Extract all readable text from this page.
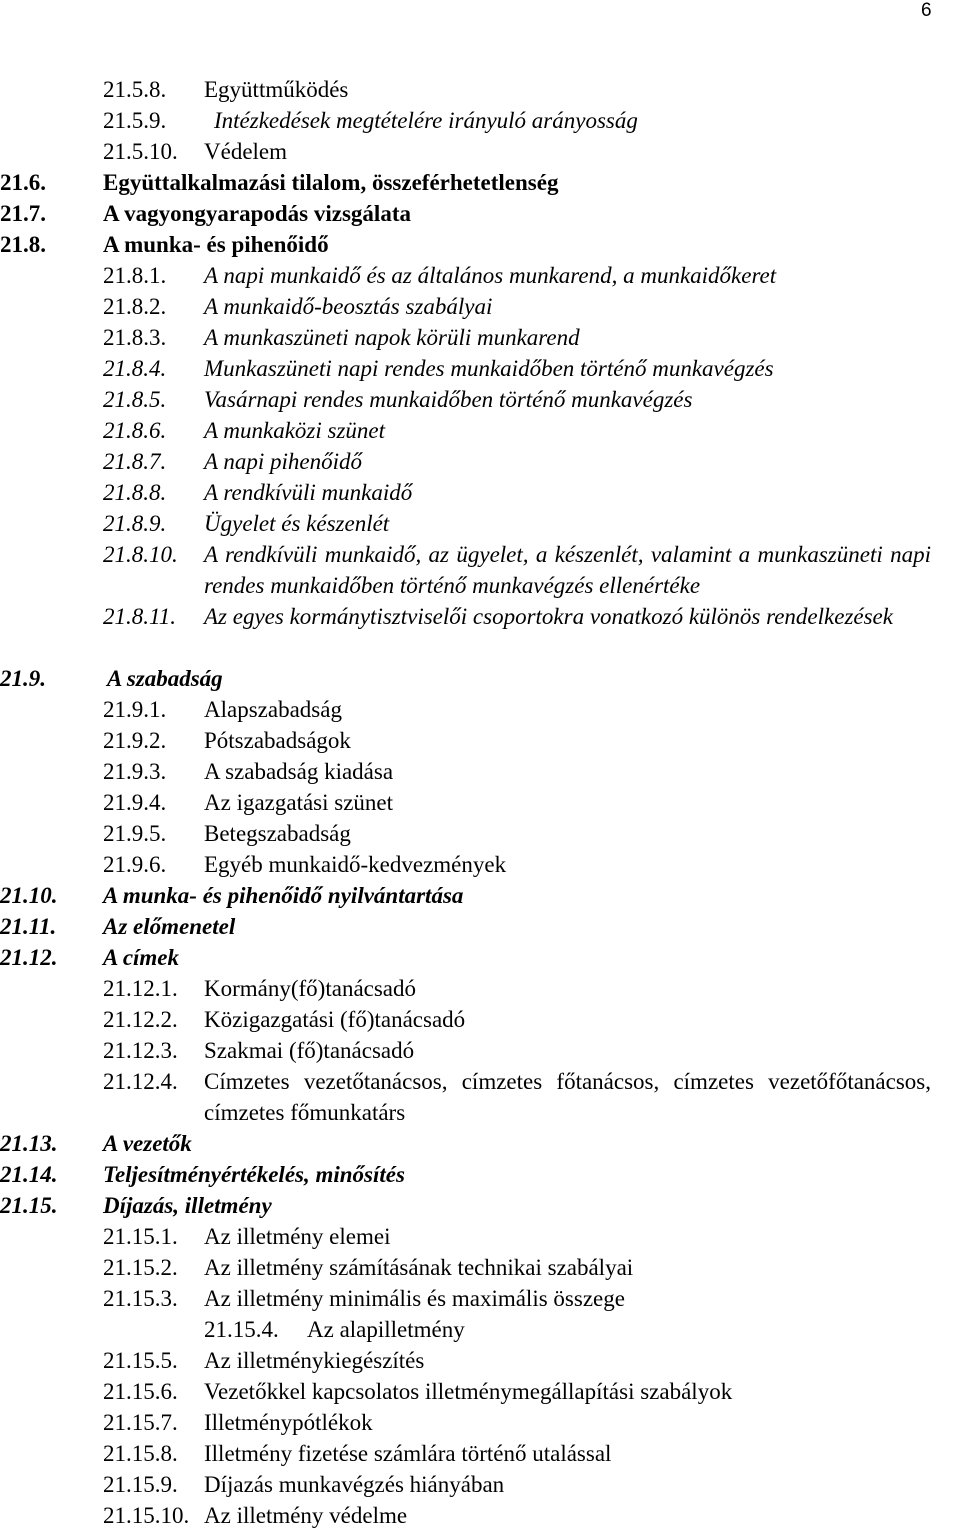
6
21.5.8. Együttműködés
21.5.9. Intézkedések megtételére irányuló arányosság
21.5.10. Védelem
21.6. Együttalkalmazási tilalom, összeférhetetlenség
21.7. A vagyongyarapodás vizsgálata
21.8. A munka- és pihenőidő
21.8.1. A napi munkaidő és az általános munkarend, a munkaidőkeret
21.8.2. A munkaidő-beosztás szabályai
21.8.3. A munkaszüneti napok körüli munkarend
21.8.4. Munkaszüneti napi rendes munkaidőben történő munkavégzés
21.8.5. Vasárnapi rendes munkaidőben történő munkavégzés
21.8.6. A munkaközi szünet
21.8.7. A napi pihenőidő
21.8.8. A rendkívüli munkaidő
21.8.9. Ügyelet és készenlét
21.8.10. A rendkívüli munkaidő, az ügyelet, a készenlét, valamint a munkaszüneti napi rendes munkaidőben történő munkavégzés ellenértéke
21.8.11. Az egyes kormánytisztviselői csoportokra vonatkozó különös rendelkezések
21.9.	A szabadság
21.9.1. Alapszabadság
21.9.2. Pótszabadságok
21.9.3. A szabadság kiadása
21.9.4. Az igazgatási szünet
21.9.5. Betegszabadság
21.9.6. Egyéb munkaidő-kedvezmények
21.10. A munka- és pihenőidő nyilvántartása
21.11. Az előmenetel
21.12. A címek
21.12.1. Kormány(fő)tanácsadó
21.12.2. Közigazgatási (fő)tanácsadó
21.12.3. Szakmai (fő)tanácsadó
21.12.4. Címzetes vezetőtanácsos, címzetes főtanácsos, címzetes vezetőfőtanácsos, címzetes főmunkatárs
21.13. A vezetők
21.14. Teljesítményértékelés, minősítés
21.15. Díjazás, illetmény
21.15.1. Az illetmény elemei
21.15.2. Az illetmény számításának technikai szabályai
21.15.3. Az illetmény minimális és maximális összege
21.15.4. Az alapilletmény
21.15.5. Az illetménykiegészítés
21.15.6. Vezetőkkel kapcsolatos illetménymegállapítási szabályok
21.15.7. Illetménypótlékok
21.15.8. Illetmény fizetése számlára történő utalással
21.15.9. Díjazás munkavégzés hiányában
21.15.10. Az illetmény védelme
